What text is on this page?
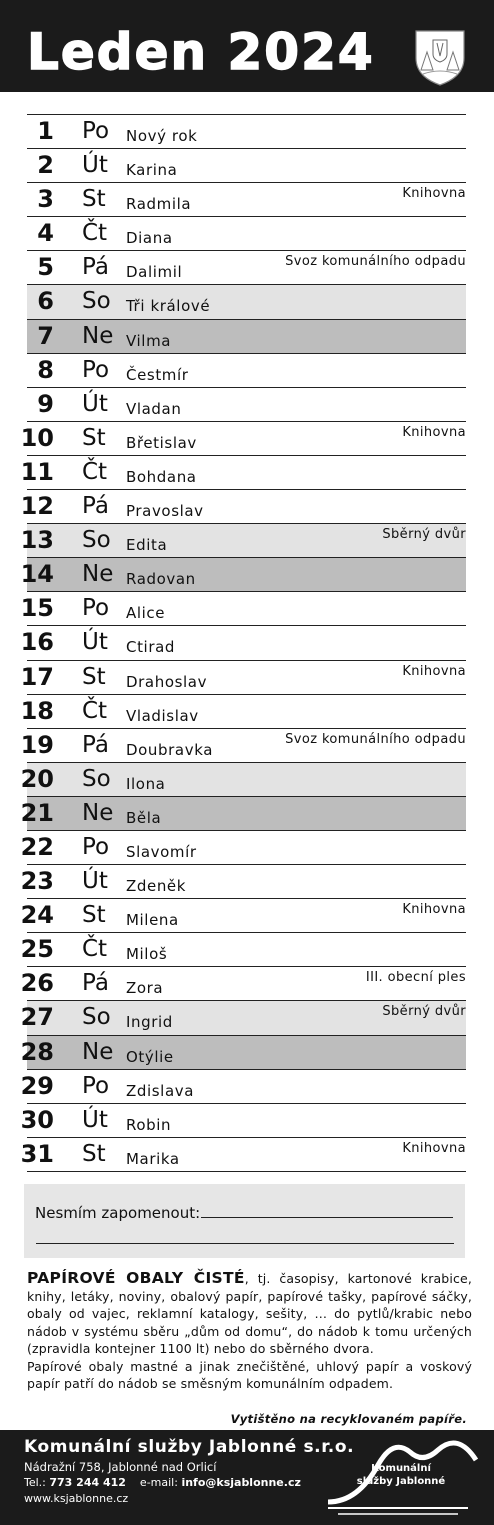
Leden 2024
1 Po Nový rok
2 Út Karina
3 St Radmila
Knihovna
4 Čt Diana
5 Pá Dalimil
Svoz komunálního odpadu
6 So Tři králové
7 Ne Vilma
8 Po Čestmír
9 Út Vladan
10 St Břetislav
Knihovna
11 Čt Bohdana
12 Pá Pravoslav
13 So Edita
Sběrný dvůr
14 Ne Radovan
15 Po Alice
16 Út Ctirad
17 St Drahoslav
Knihovna
18 Čt Vladislav
19 Pá Doubravka
Svoz komunálního odpadu
20 So Ilona
21 Ne Běla
22 Po Slavomír
23 Út Zdeněk
24 St Milena
Knihovna
25 Čt Miloš
26 Pá Zora
III. obecní ples
27 So Ingrid
Sběrný dvůr
28 Ne Otýlie
29 Po Zdislava
30 Út Robin
31 St Marika
Knihovna
Nesmím zapomenout:
PAPÍROVÉ OBALY ČISTÉ, tj. časopisy, kartonové krabice, knihy, letáky, noviny, obalový papír, papírové tašky, papírové sáčky, obaly od vajec, reklamní katalogy, sešity, … do pytlů/krabic nebo nádob v systému sběru „dům od domu“, do nádob k tomu určených (zpravidla kontejner 1100 lt) nebo do sběrného dvora.
Papírové obaly mastné a jinak znečištěné, uhlový papír a voskový papír patří do nádob se směsným komunálním odpadem.
Vytištěno na recyklovaném papíře.
Komunální služby Jablonné s.r.o.
Nádražní 758, Jablonné nad Orlicí
Tel.: 773 244 412 e-mail: info@ksjablonne.cz
www.ksjablonne.cz
Komunální
služby Jablonné
